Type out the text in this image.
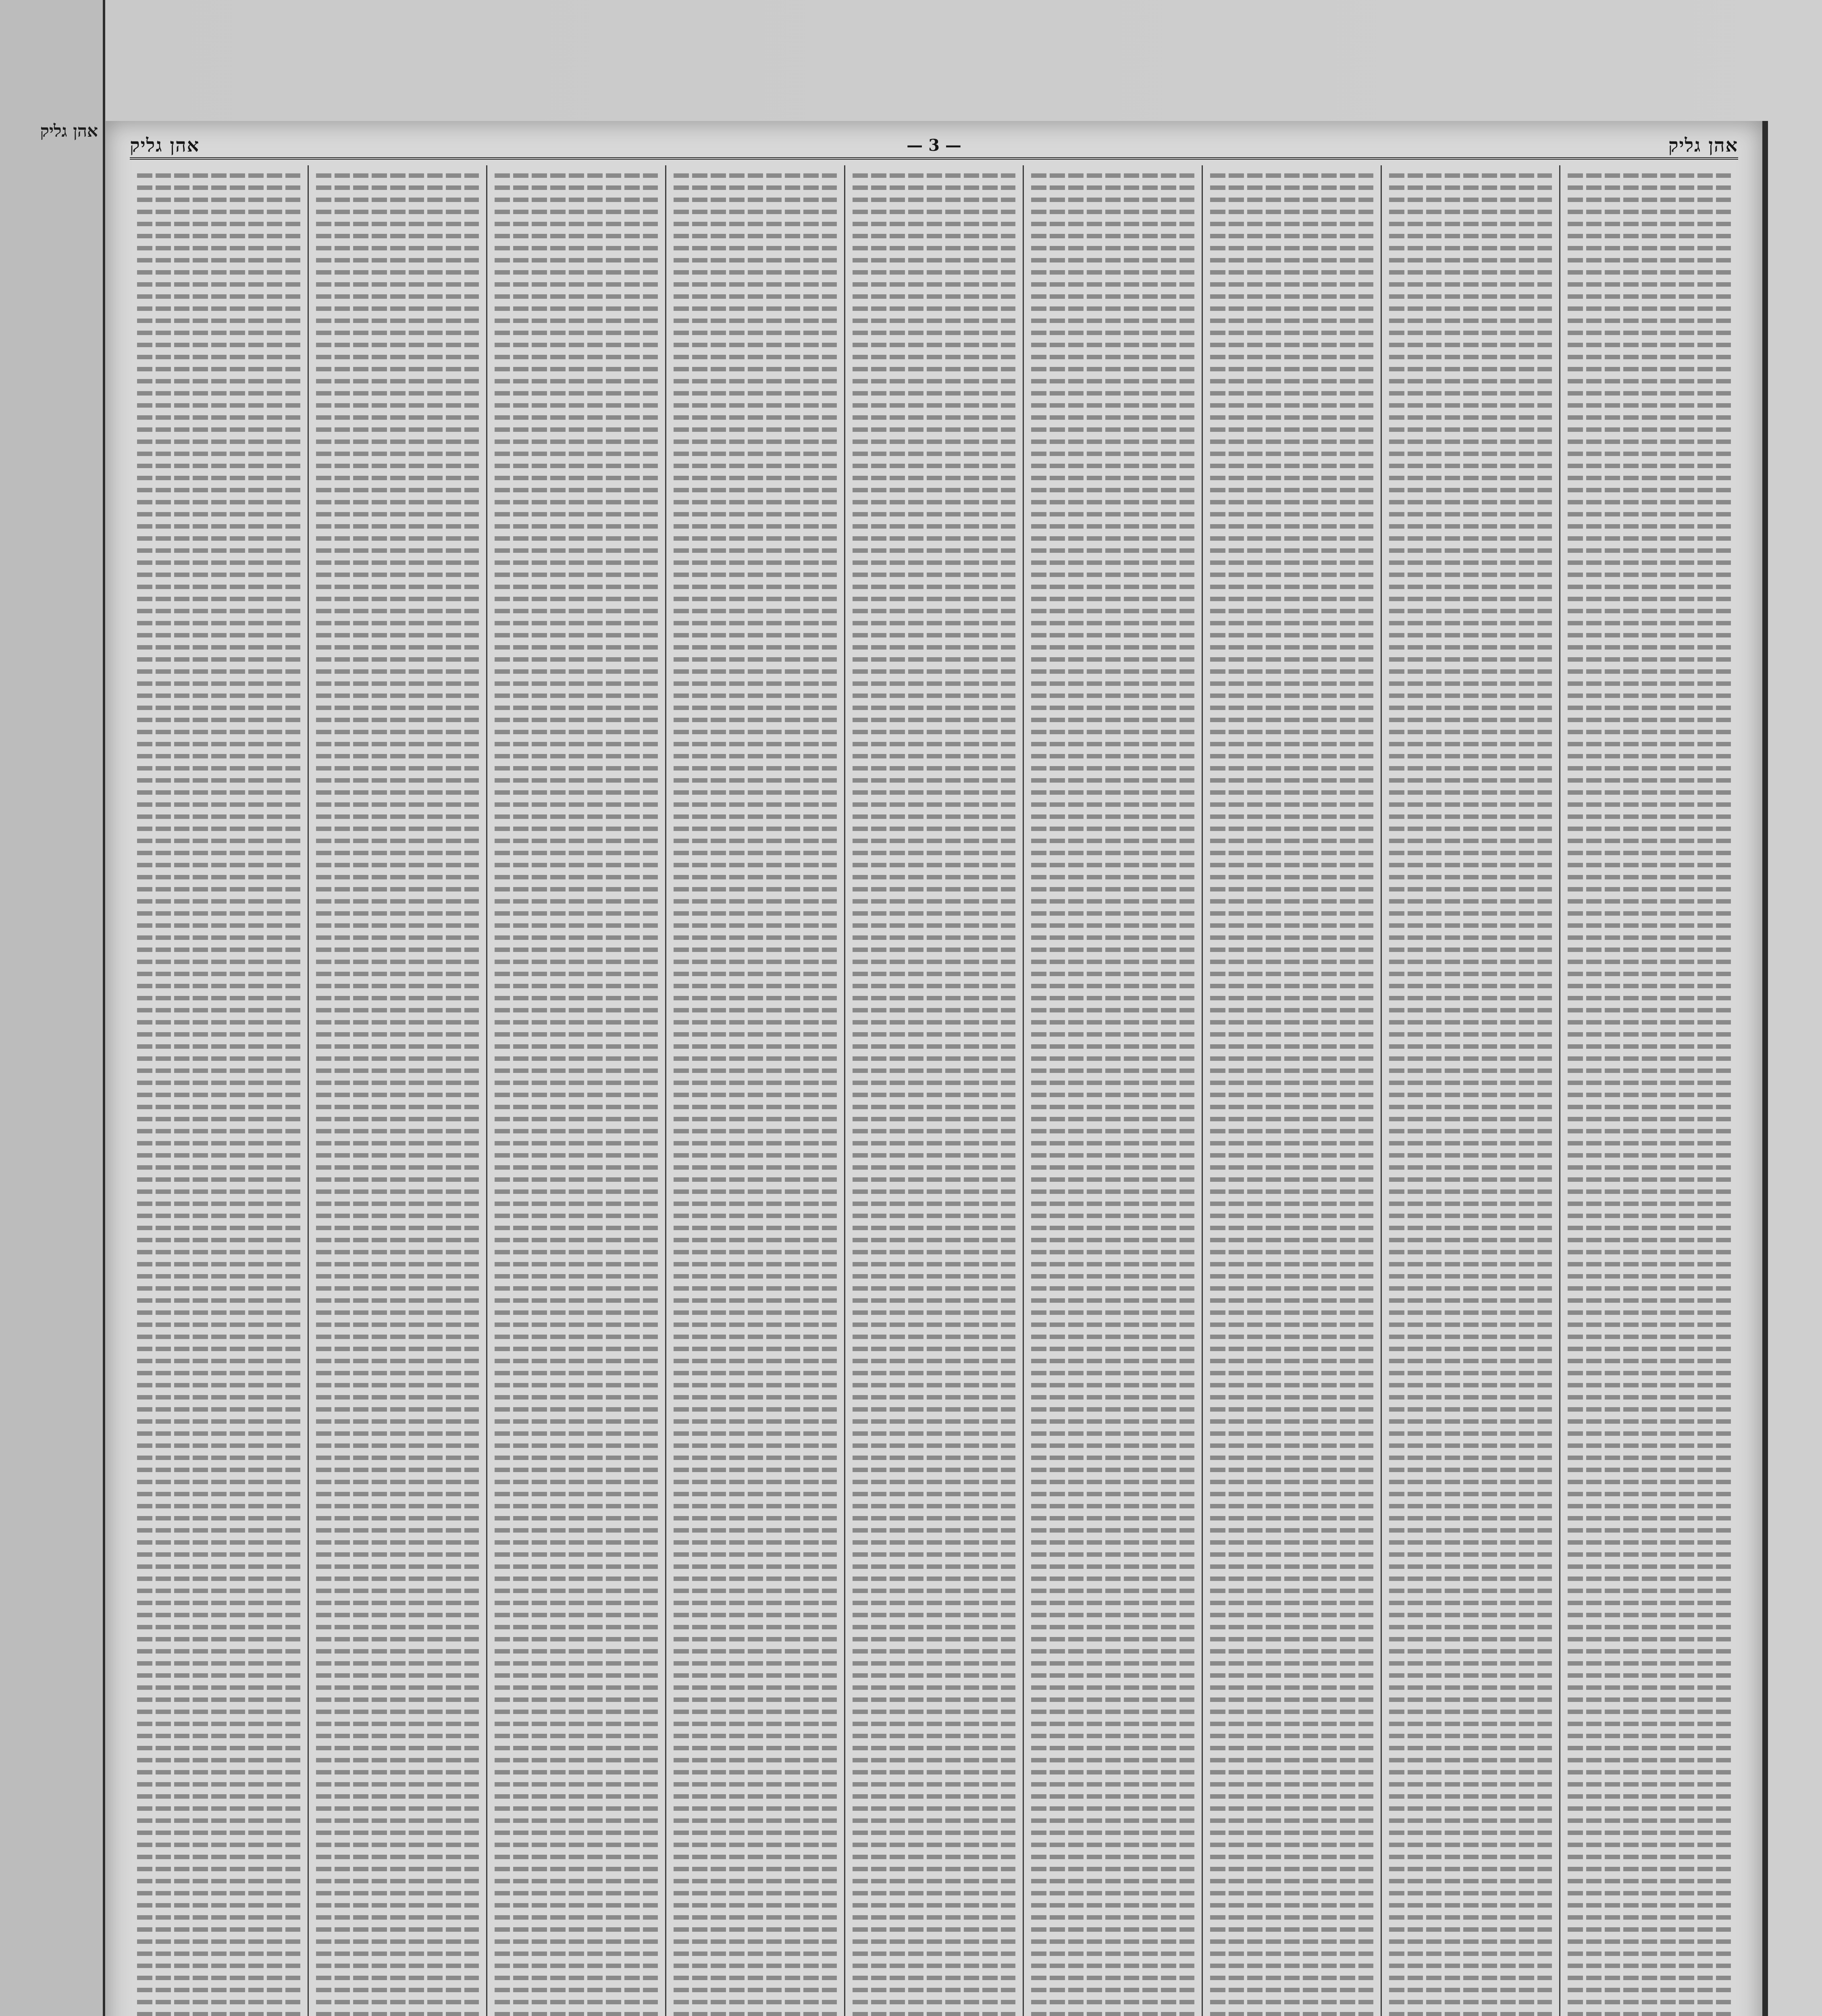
אהן גליק
אהן גליק	— 3 —	אהן גליק
